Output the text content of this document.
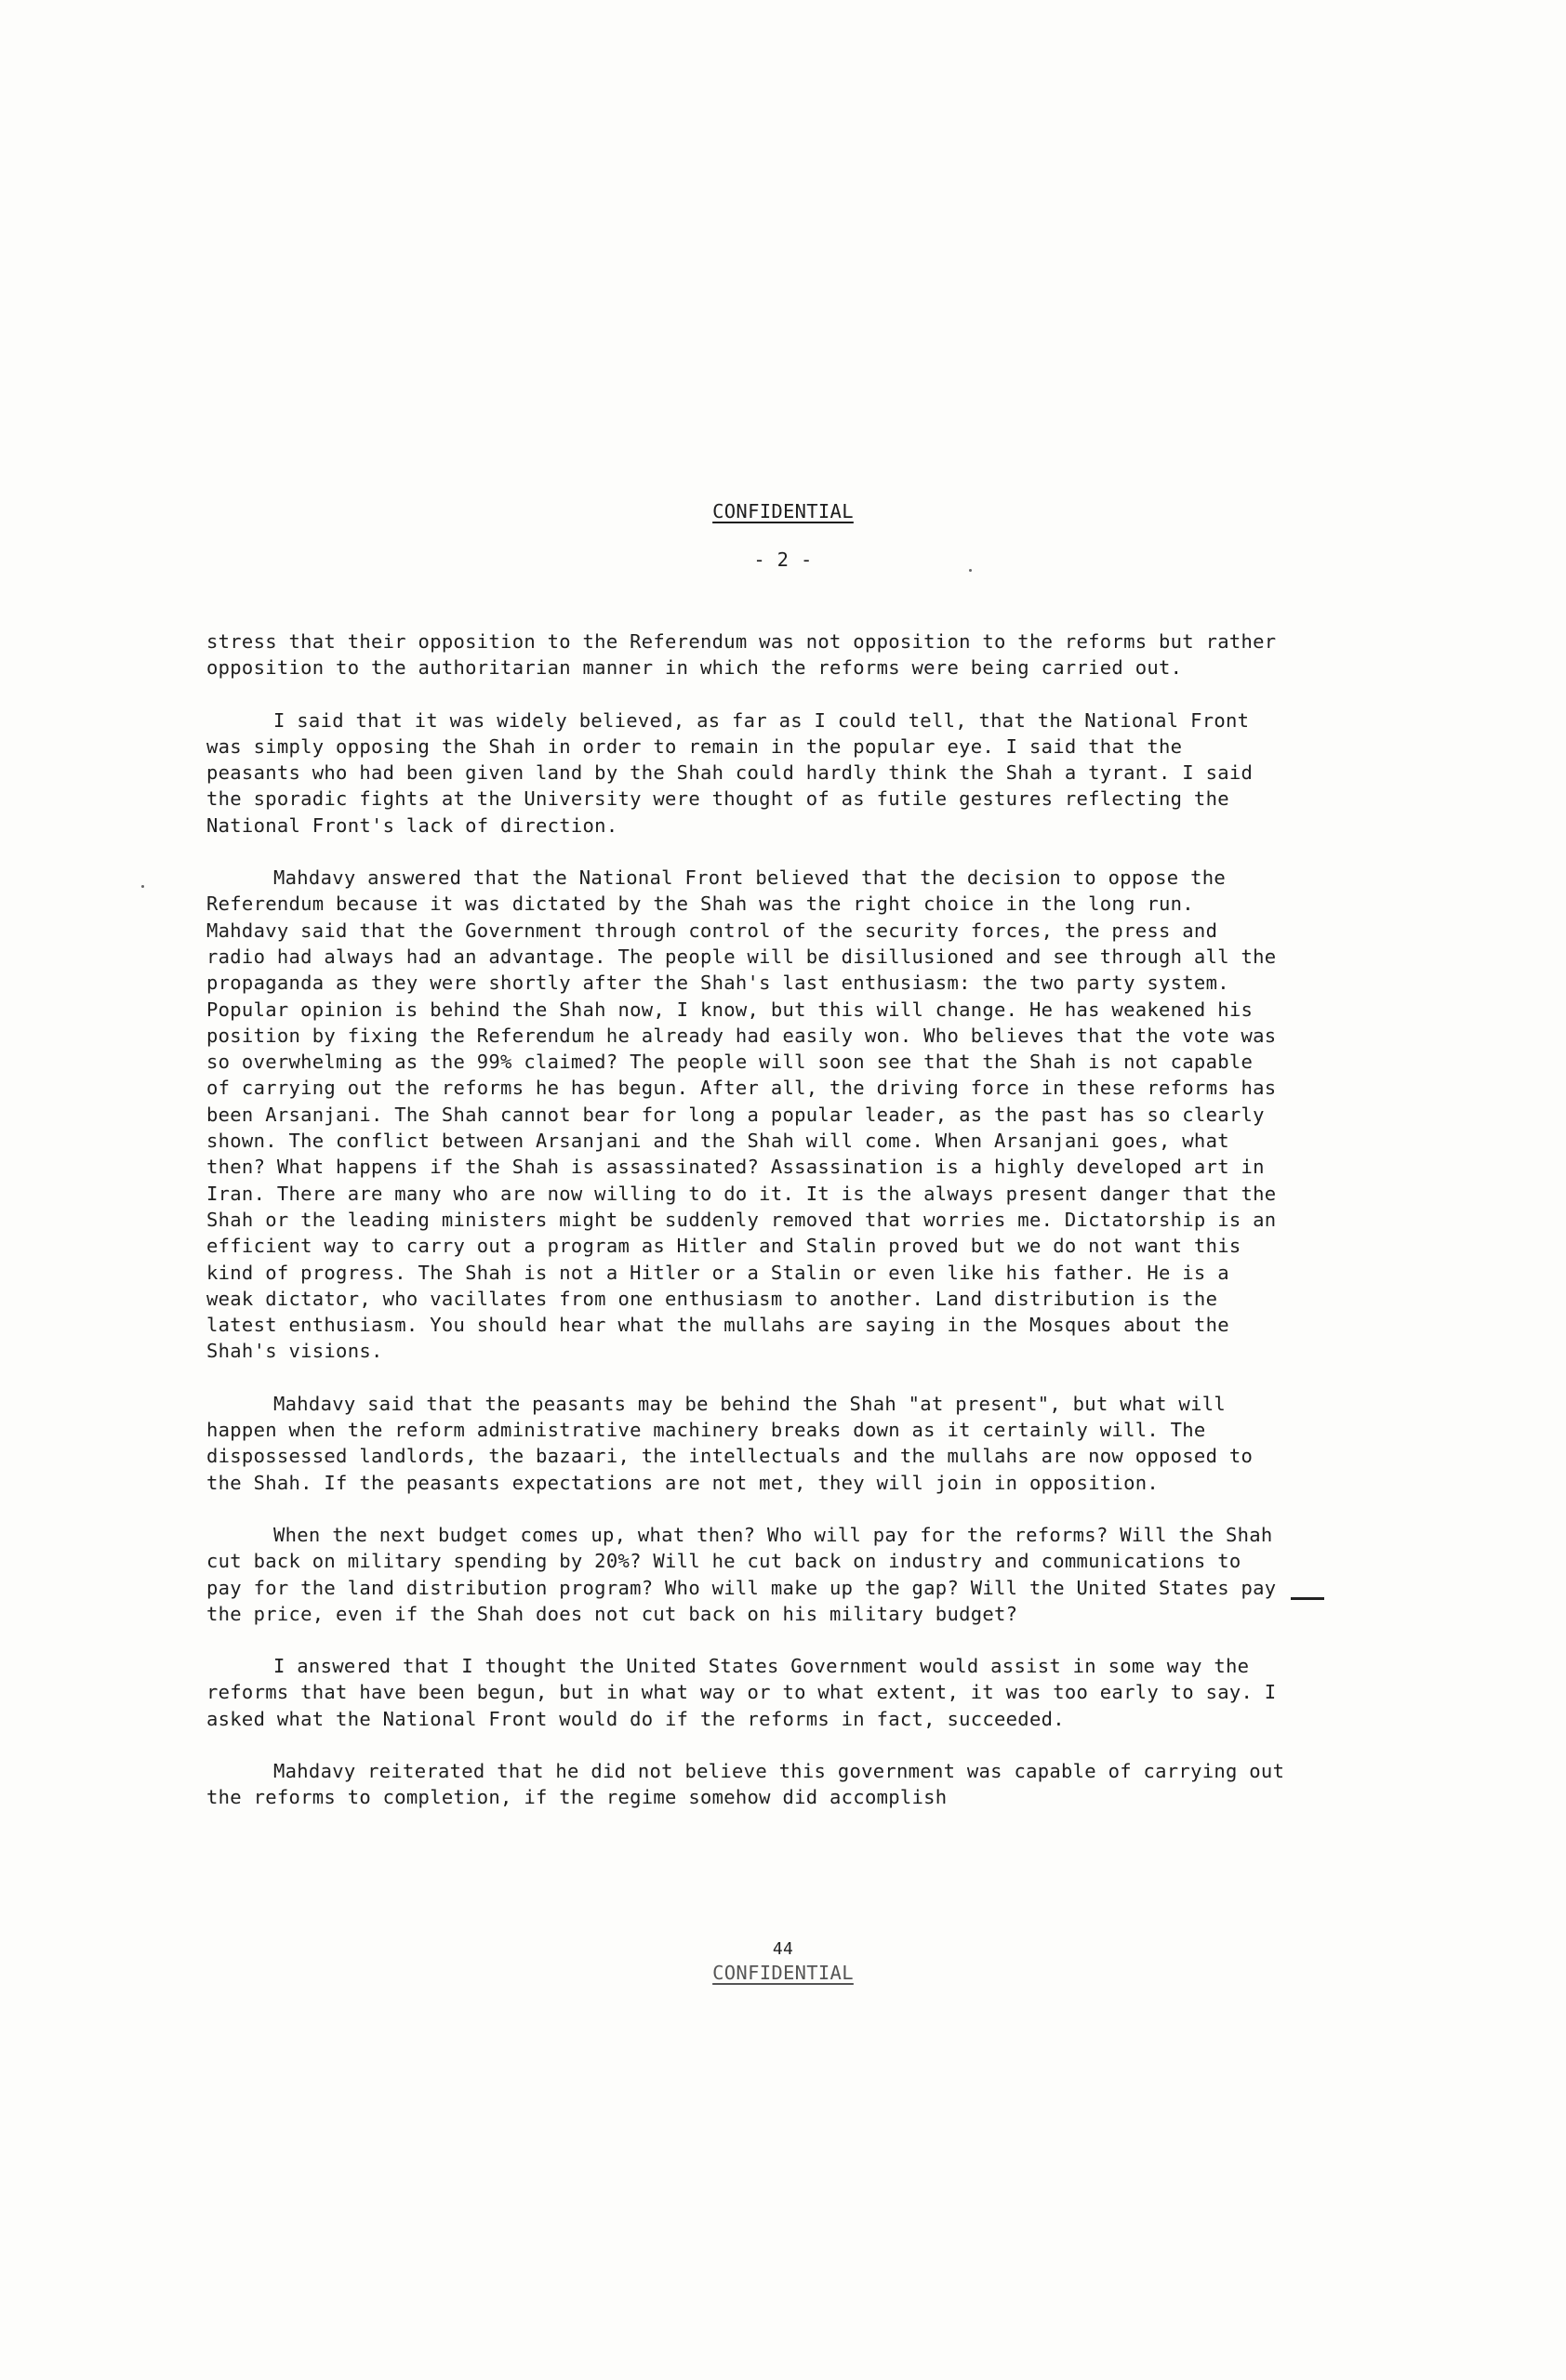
CONFIDENTIAL
- 2 -

stress that their opposition to the Referendum was not opposition to the reforms but rather opposition to the authoritarian manner in which the reforms were being carried out.

I said that it was widely believed, as far as I could tell, that the National Front was simply opposing the Shah in order to remain in the popular eye. I said that the peasants who had been given land by the Shah could hardly think the Shah a tyrant. I said the sporadic fights at the University were thought of as futile gestures reflecting the National Front's lack of direction.

Mahdavy answered that the National Front believed that the decision to oppose the Referendum because it was dictated by the Shah was the right choice in the long run. Mahdavy said that the Government through control of the security forces, the press and radio had always had an advantage. The people will be disillusioned and see through all the propaganda as they were shortly after the Shah's last enthusiasm: the two party system. Popular opinion is behind the Shah now, I know, but this will change. He has weakened his position by fixing the Referendum he already had easily won. Who believes that the vote was so overwhelming as the 99% claimed? The people will soon see that the Shah is not capable of carrying out the reforms he has begun. After all, the driving force in these reforms has been Arsanjani. The Shah cannot bear for long a popular leader, as the past has so clearly shown. The conflict between Arsanjani and the Shah will come. When Arsanjani goes, what then? What happens if the Shah is assassinated? Assassination is a highly developed art in Iran. There are many who are now willing to do it. It is the always present danger that the Shah or the leading ministers might be suddenly removed that worries me. Dictatorship is an efficient way to carry out a program as Hitler and Stalin proved but we do not want this kind of progress. The Shah is not a Hitler or a Stalin or even like his father. He is a weak dictator, who vacillates from one enthusiasm to another. Land distribution is the latest enthusiasm. You should hear what the mullahs are saying in the Mosques about the Shah's visions.

Mahdavy said that the peasants may be behind the Shah "at present", but what will happen when the reform administrative machinery breaks down as it certainly will. The dispossessed landlords, the bazaari, the intellectuals and the mullahs are now opposed to the Shah. If the peasants expectations are not met, they will join in opposition.

When the next budget comes up, what then? Who will pay for the reforms? Will the Shah cut back on military spending by 20%? Will he cut back on industry and communications to pay for the land distribution program? Who will make up the gap? Will the United States pay the price, even if the Shah does not cut back on his military budget?

I answered that I thought the United States Government would assist in some way the reforms that have been begun, but in what way or to what extent, it was too early to say. I asked what the National Front would do if the reforms in fact, succeeded.

Mahdavy reiterated that he did not believe this government was capable of carrying out the reforms to completion, if the regime somehow did accomplish

44
CONFIDENTIAL
